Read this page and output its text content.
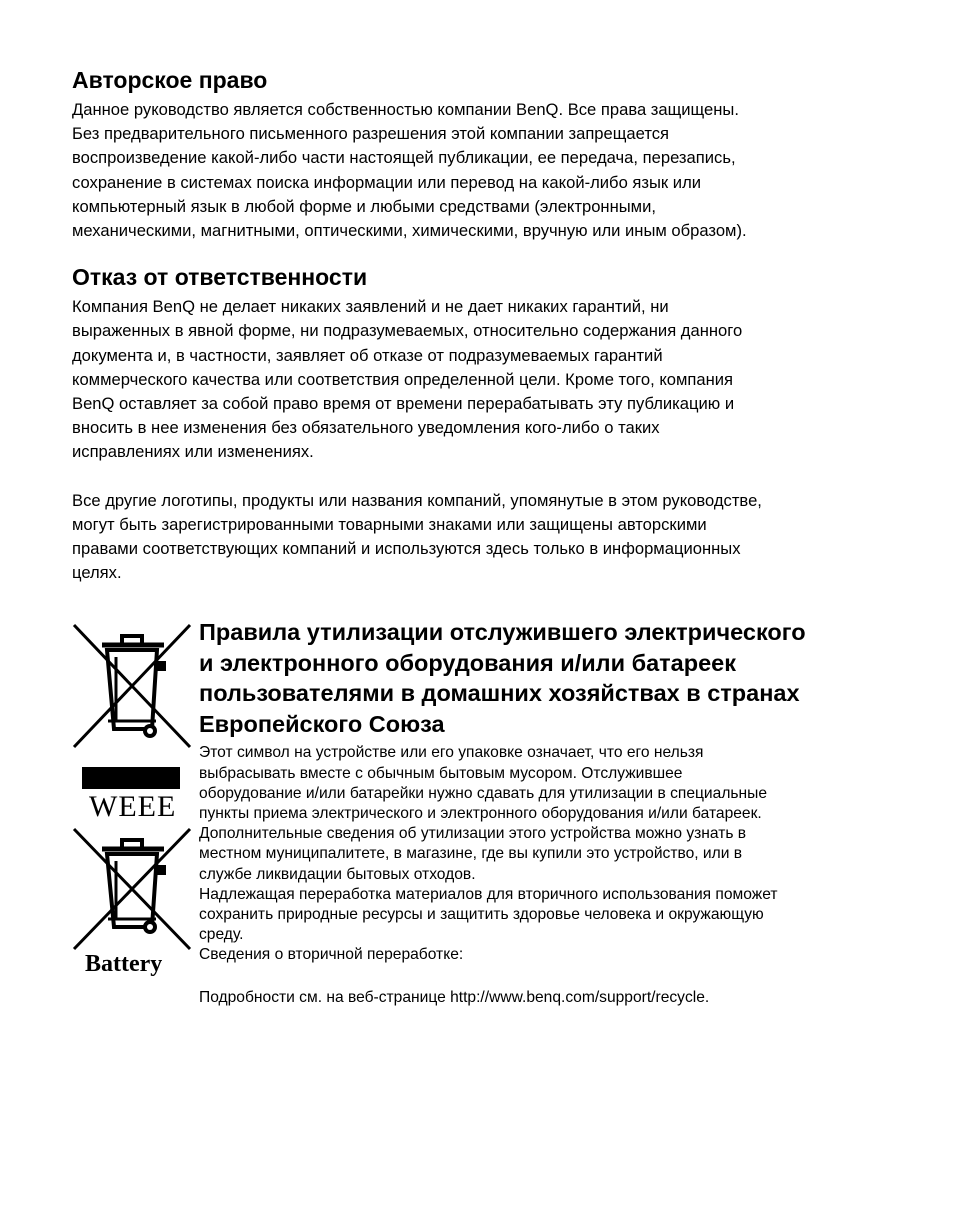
Авторское право

Данное руководство является собственностью компании BenQ. Все права защищены.
Без предварительного письменного разрешения этой компании запрещается
воспроизведение какой-либо части настоящей публикации, ее передача, перезапись,
сохранение в системах поиска информации или перевод на какой-либо язык или
компьютерный язык в любой форме и любыми средствами (электронными,
механическими, магнитными, оптическими, химическими, вручную или иным образом).

Отказ от ответственности

Компания BenQ не делает никаких заявлений и не дает никаких гарантий, ни
выраженных в явной форме, ни подразумеваемых, относительно содержания данного
документа и, в частности, заявляет об отказе от подразумеваемых гарантий
коммерческого качества или соответствия определенной цели. Кроме того, компания
BenQ оставляет за собой право время от времени перерабатывать эту публикацию и
вносить в нее изменения без обязательного уведомления кого-либо о таких
исправлениях или изменениях.

Все другие логотипы, продукты или названия компаний, упомянутые в этом руководстве,
могут быть зарегистрированными товарными знаками или защищены авторскими
правами соответствующих компаний и используются здесь только в информационных
целях.

WEEE
Battery
Правила утилизации отслужившего электрического
и электронного оборудования и/или батареек
пользователями в домашних хозяйствах в странах
Европейского Союза

Этот символ на устройстве или его упаковке означает, что его нельзя
выбрасывать вместе с обычным бытовым мусором. Отслужившее
оборудование и/или батарейки нужно сдавать для утилизации в специальные
пункты приема электрического и электронного оборудования и/или батареек.
Дополнительные сведения об утилизации этого устройства можно узнать в
местном муниципалитете, в магазине, где вы купили это устройство, или в
службе ликвидации бытовых отходов.
Надлежащая переработка материалов для вторичного использования поможет
сохранить природные ресурсы и защитить здоровье человека и окружающую
среду.
Сведения о вторичной переработке:

Подробности см. на веб-странице http://www.benq.com/support/recycle.
